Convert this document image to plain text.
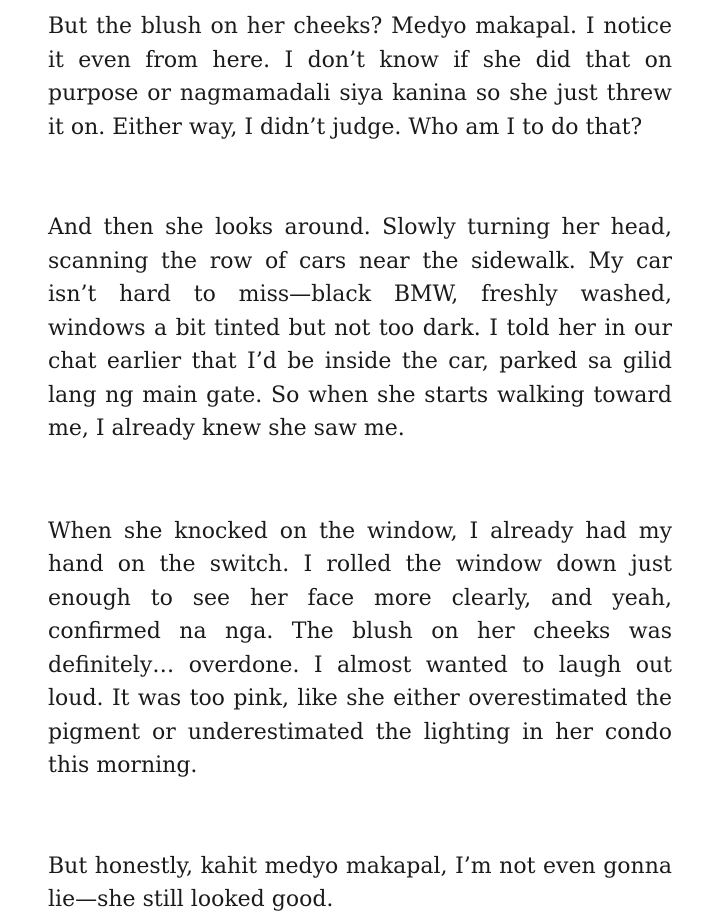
But the blush on her cheeks? Medyo makapal. I notice it even from here. I don’t know if she did that on purpose or nagmamadali siya kanina so she just threw it on. Either way, I didn’t judge. Who am I to do that?

And then she looks around. Slowly turning her head, scanning the row of cars near the sidewalk. My car isn’t hard to miss—black BMW, freshly washed, windows a bit tinted but not too dark. I told her in our chat earlier that I’d be inside the car, parked sa gilid lang ng main gate. So when she starts walking toward me, I already knew she saw me.

When she knocked on the window, I already had my hand on the switch. I rolled the window down just enough to see her face more clearly, and yeah, confirmed na nga. The blush on her cheeks was definitely… overdone. I almost wanted to laugh out loud. It was too pink, like she either overestimated the pigment or underestimated the lighting in her condo this morning.

But honestly, kahit medyo makapal, I’m not even gonna lie—she still looked good.
